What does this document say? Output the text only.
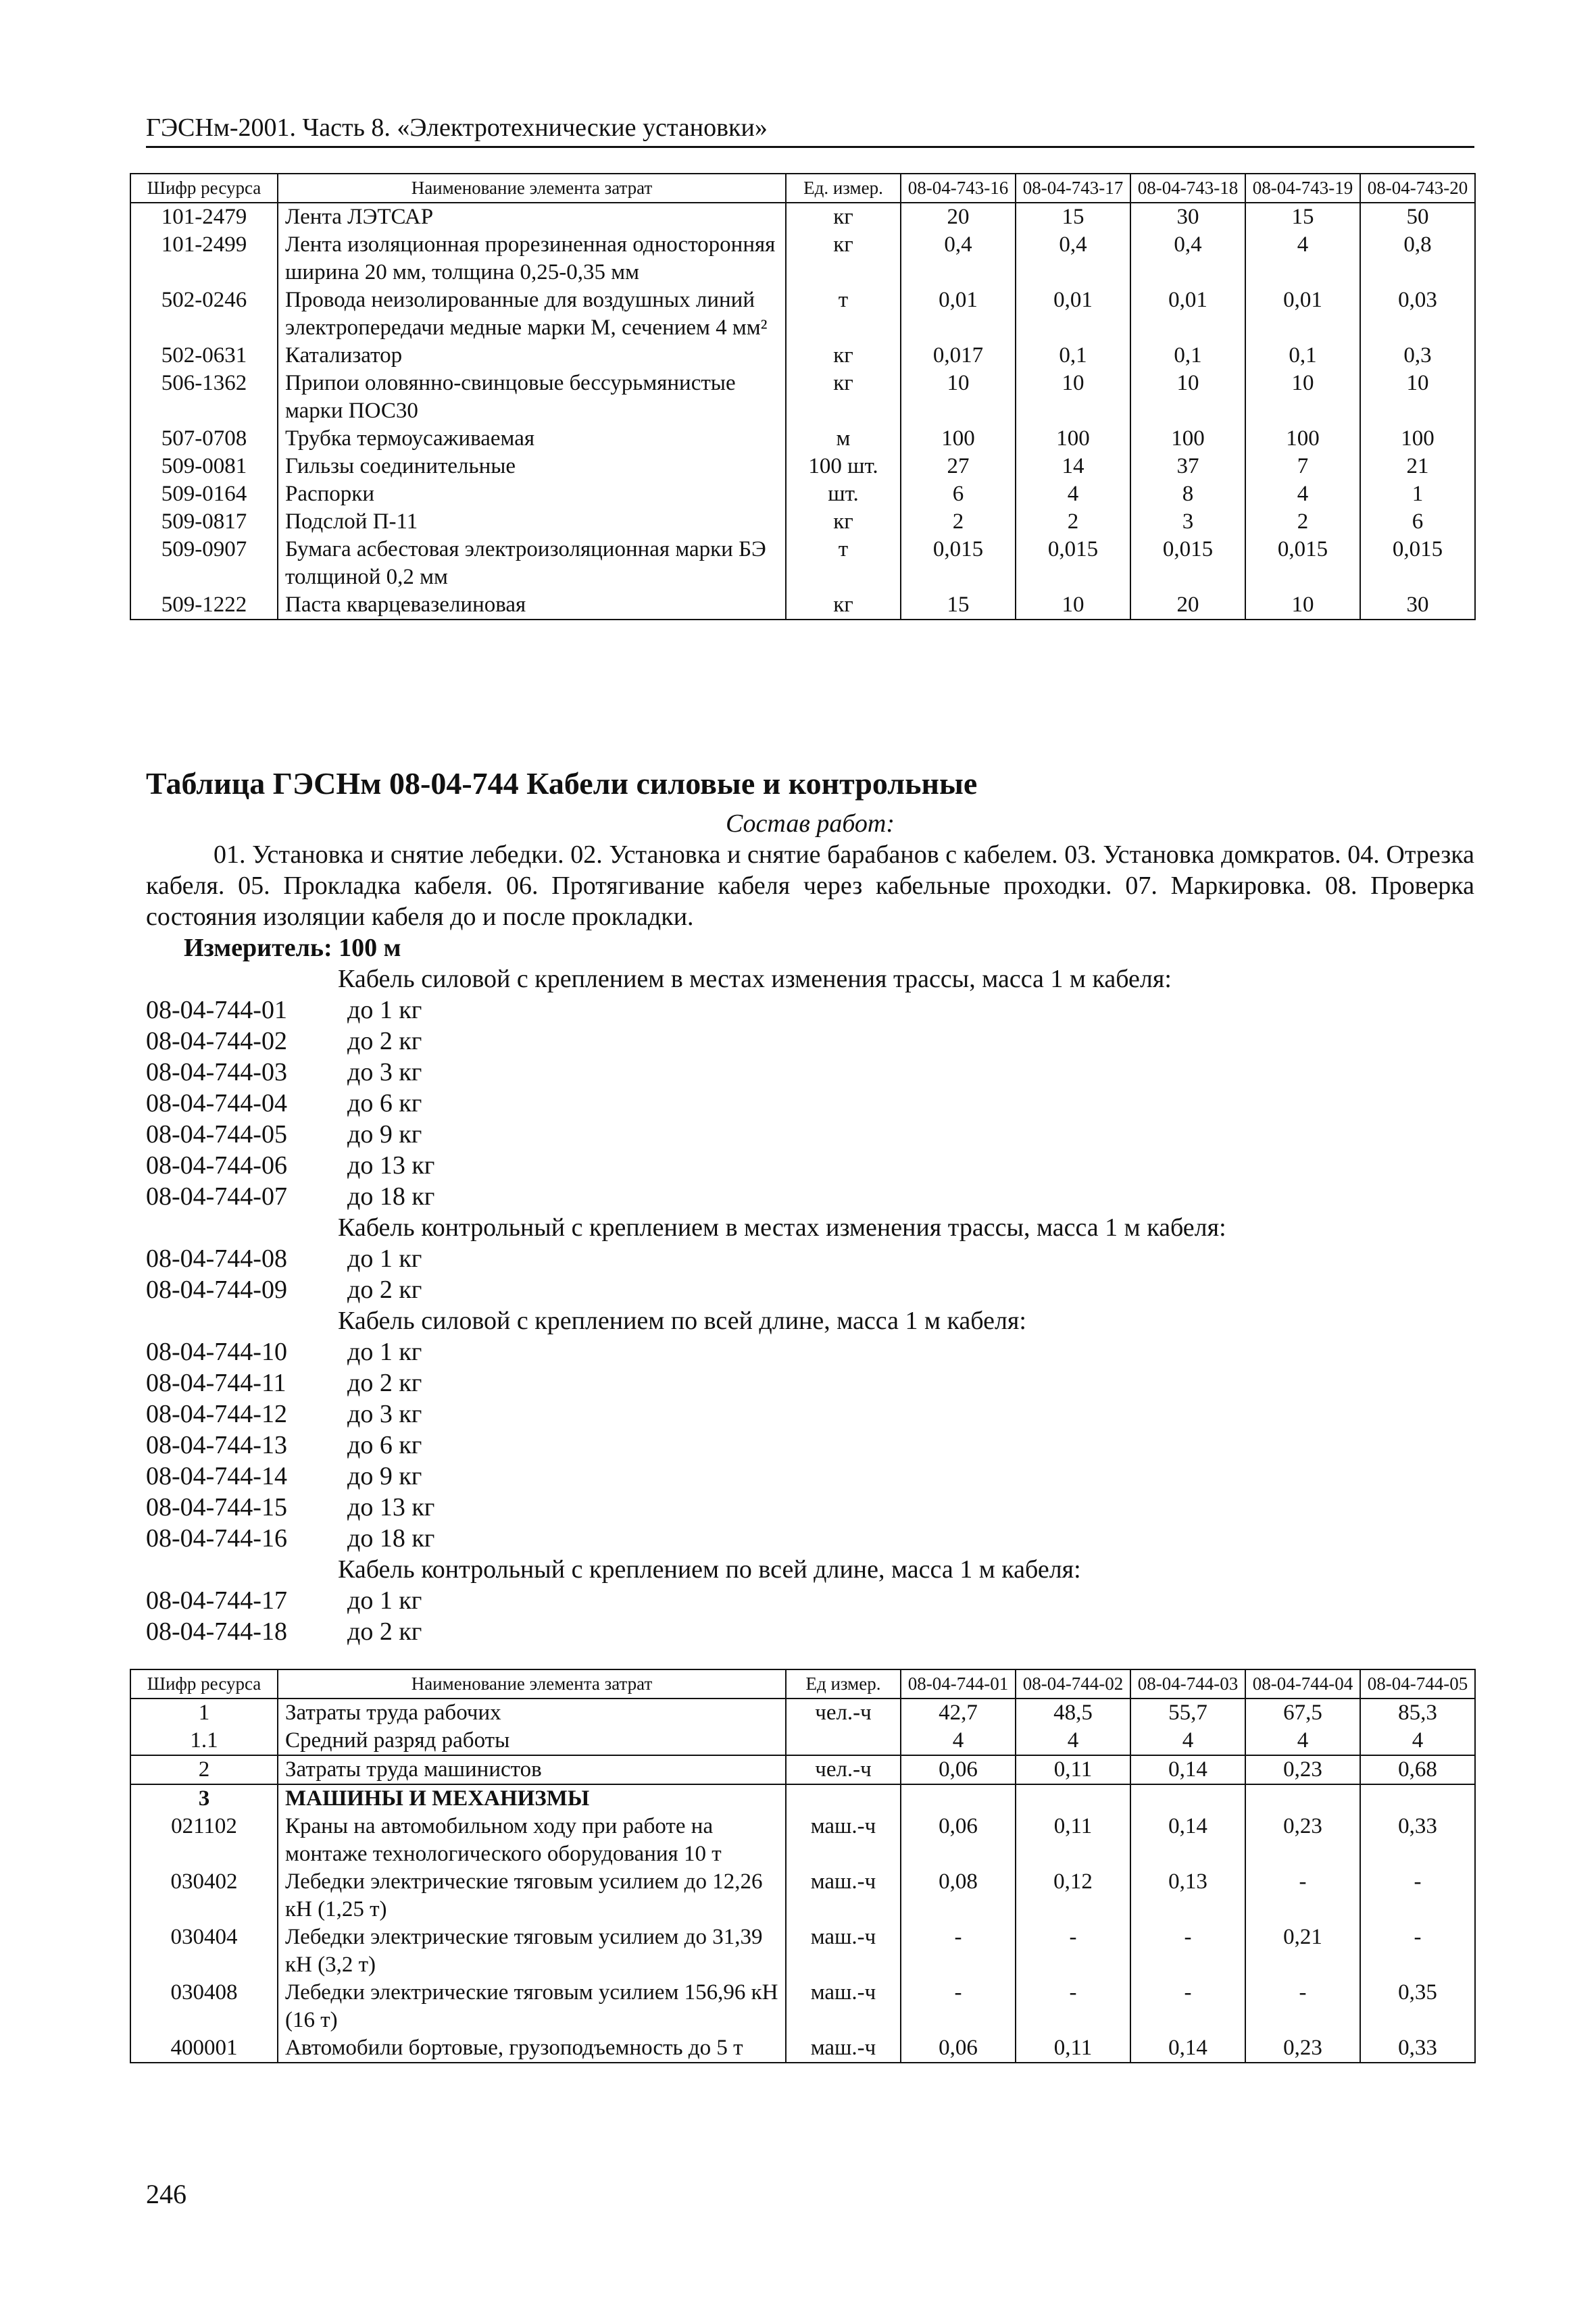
ГЭСНм-2001. Часть 8. «Электротехнические установки»
Шифр ресурса	Наименование элемента затрат	Ед. измер.	08-04-743-16	08-04-743-17	08-04-743-18	08-04-743-19	08-04-743-20
101-2479	Лента ЛЭТСАР	кг	20	15	30	15	50
101-2499	Лента изоляционная прорезиненная односторонняя ширина 20 мм, толщина 0,25-0,35 мм	кг	0,4	0,4	0,4	4	0,8
502-0246	Провода неизолированные для воздушных линий электропередачи медные марки М, сечением 4 мм²	т	0,01	0,01	0,01	0,01	0,03
502-0631	Катализатор	кг	0,017	0,1	0,1	0,1	0,3
506-1362	Припои оловянно-свинцовые бессурьмянистые марки ПОС30	кг	10	10	10	10	10
507-0708	Трубка термоусаживаемая	м	100	100	100	100	100
509-0081	Гильзы соединительные	100 шт.	27	14	37	7	21
509-0164	Распорки	шт.	6	4	8	4	1
509-0817	Подслой П-11	кг	2	2	3	2	6
509-0907	Бумага асбестовая электроизоляционная марки БЭ толщиной 0,2 мм	т	0,015	0,015	0,015	0,015	0,015
509-1222	Паста кварцевазелиновая	кг	15	10	20	10	30
Таблица ГЭСНм 08-04-744 Кабели силовые и контрольные
Состав работ:
01. Установка и снятие лебедки. 02. Установка и снятие барабанов с кабелем. 03. Установка домкратов. 04. Отрезка кабеля. 05. Прокладка кабеля. 06. Протягивание кабеля через кабельные проходки. 07. Маркировка. 08. Проверка состояния изоляции кабеля до и после прокладки.
Измеритель: 100 м
Кабель силовой с креплением в местах изменения трассы, масса 1 м кабеля:
08-04-744-01	до 1 кг
08-04-744-02	до 2 кг
08-04-744-03	до 3 кг
08-04-744-04	до 6 кг
08-04-744-05	до 9 кг
08-04-744-06	до 13 кг
08-04-744-07	до 18 кг
Кабель контрольный с креплением в местах изменения трассы, масса 1 м кабеля:
08-04-744-08	до 1 кг
08-04-744-09	до 2 кг
Кабель силовой с креплением по всей длине, масса 1 м кабеля:
08-04-744-10	до 1 кг
08-04-744-11	до 2 кг
08-04-744-12	до 3 кг
08-04-744-13	до 6 кг
08-04-744-14	до 9 кг
08-04-744-15	до 13 кг
08-04-744-16	до 18 кг
Кабель контрольный с креплением по всей длине, масса 1 м кабеля:
08-04-744-17	до 1 кг
08-04-744-18	до 2 кг
Шифр ресурса	Наименование элемента затрат	Ед измер.	08-04-744-01	08-04-744-02	08-04-744-03	08-04-744-04	08-04-744-05
1	Затраты труда рабочих	чел.-ч	42,7	48,5	55,7	67,5	85,3
1.1	Средний разряд работы		4	4	4	4	4
2	Затраты труда машинистов	чел.-ч	0,06	0,11	0,14	0,23	0,68
3	МАШИНЫ И МЕХАНИЗМЫ						
021102	Краны на автомобильном ходу при работе на монтаже технологического оборудования 10 т	маш.-ч	0,06	0,11	0,14	0,23	0,33
030402	Лебедки электрические тяговым усилием до 12,26 кН (1,25 т)	маш.-ч	0,08	0,12	0,13	-	-
030404	Лебедки электрические тяговым усилием до 31,39 кН (3,2 т)	маш.-ч	-	-	-	0,21	-
030408	Лебедки электрические тяговым усилием 156,96 кН (16 т)	маш.-ч	-	-	-	-	0,35
400001	Автомобили бортовые, грузоподъемность до 5 т	маш.-ч	0,06	0,11	0,14	0,23	0,33
246
